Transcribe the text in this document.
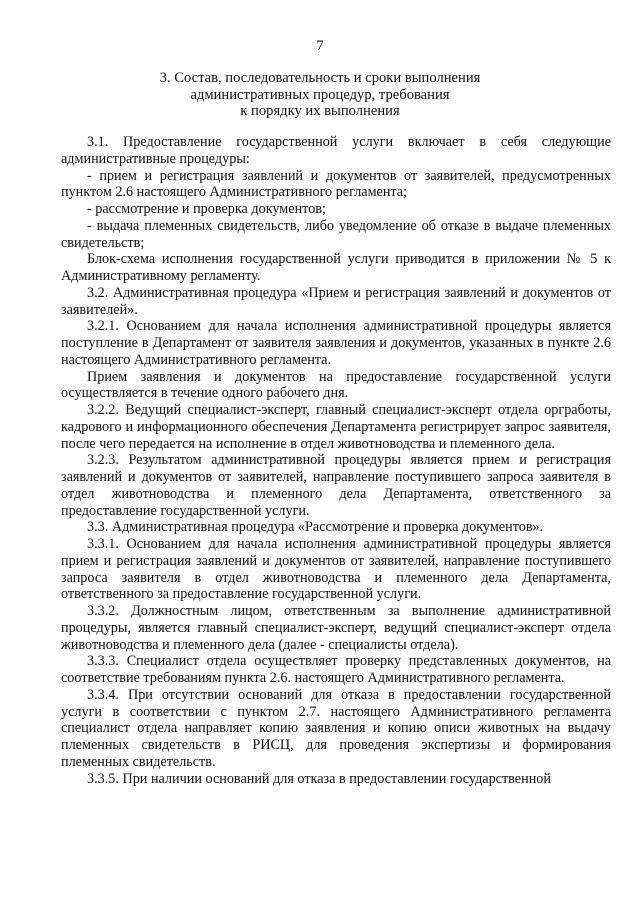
7
3. Состав, последовательность и сроки выполнения
административных процедур, требования
к порядку их выполнения

3.1. Предоставление государственной услуги включает в себя следующие административные процедуры:

- прием и регистрация заявлений и документов от заявителей, предусмотренных пунктом 2.6 настоящего Административного регламента;

- рассмотрение и проверка документов;

- выдача племенных свидетельств, либо уведомление об отказе в выдаче племенных свидетельств;

Блок-схема исполнения государственной услуги приводится в приложении № 5 к Административному регламенту.

3.2. Административная процедура «Прием и регистрация заявлений и документов от заявителей».

3.2.1. Основанием для начала исполнения административной процедуры является поступление в Департамент от заявителя заявления и документов, указанных в пункте 2.6 настоящего Административного регламента.

Прием заявления и документов на предоставление государственной услуги осуществляется в течение одного рабочего дня.

3.2.2. Ведущий специалист-эксперт, главный специалист-эксперт отдела оргработы, кадрового и информационного обеспечения Департамента регистрирует запрос заявителя, после чего передается на исполнение в отдел животноводства и племенного дела.

3.2.3. Результатом административной процедуры является прием и регистрация заявлений и документов от заявителей, направление поступившего запроса заявителя в отдел животноводства и племенного дела Департамента, ответственного за предоставление государственной услуги.

3.3. Административная процедура «Рассмотрение и проверка документов».

3.3.1. Основанием для начала исполнения административной процедуры является прием и регистрация заявлений и документов от заявителей, направление поступившего запроса заявителя в отдел животноводства и племенного дела Департамента, ответственного за предоставление государственной услуги.

3.3.2. Должностным лицом, ответственным за выполнение административной процедуры, является главный специалист-эксперт, ведущий специалист-эксперт отдела животноводства и племенного дела (далее - специалисты отдела).

3.3.3. Специалист отдела осуществляет проверку представленных документов, на соответствие требованиям пункта 2.6. настоящего Административного регламента.

3.3.4. При отсутствии оснований для отказа в предоставлении государственной услуги в соответствии с пунктом 2.7. настоящего Административного регламента специалист отдела направляет копию заявления и копию описи животных на выдачу племенных свидетельств в РИСЦ, для проведения экспертизы и формирования племенных свидетельств.

3.3.5. При наличии оснований для отказа в предоставлении государственной
